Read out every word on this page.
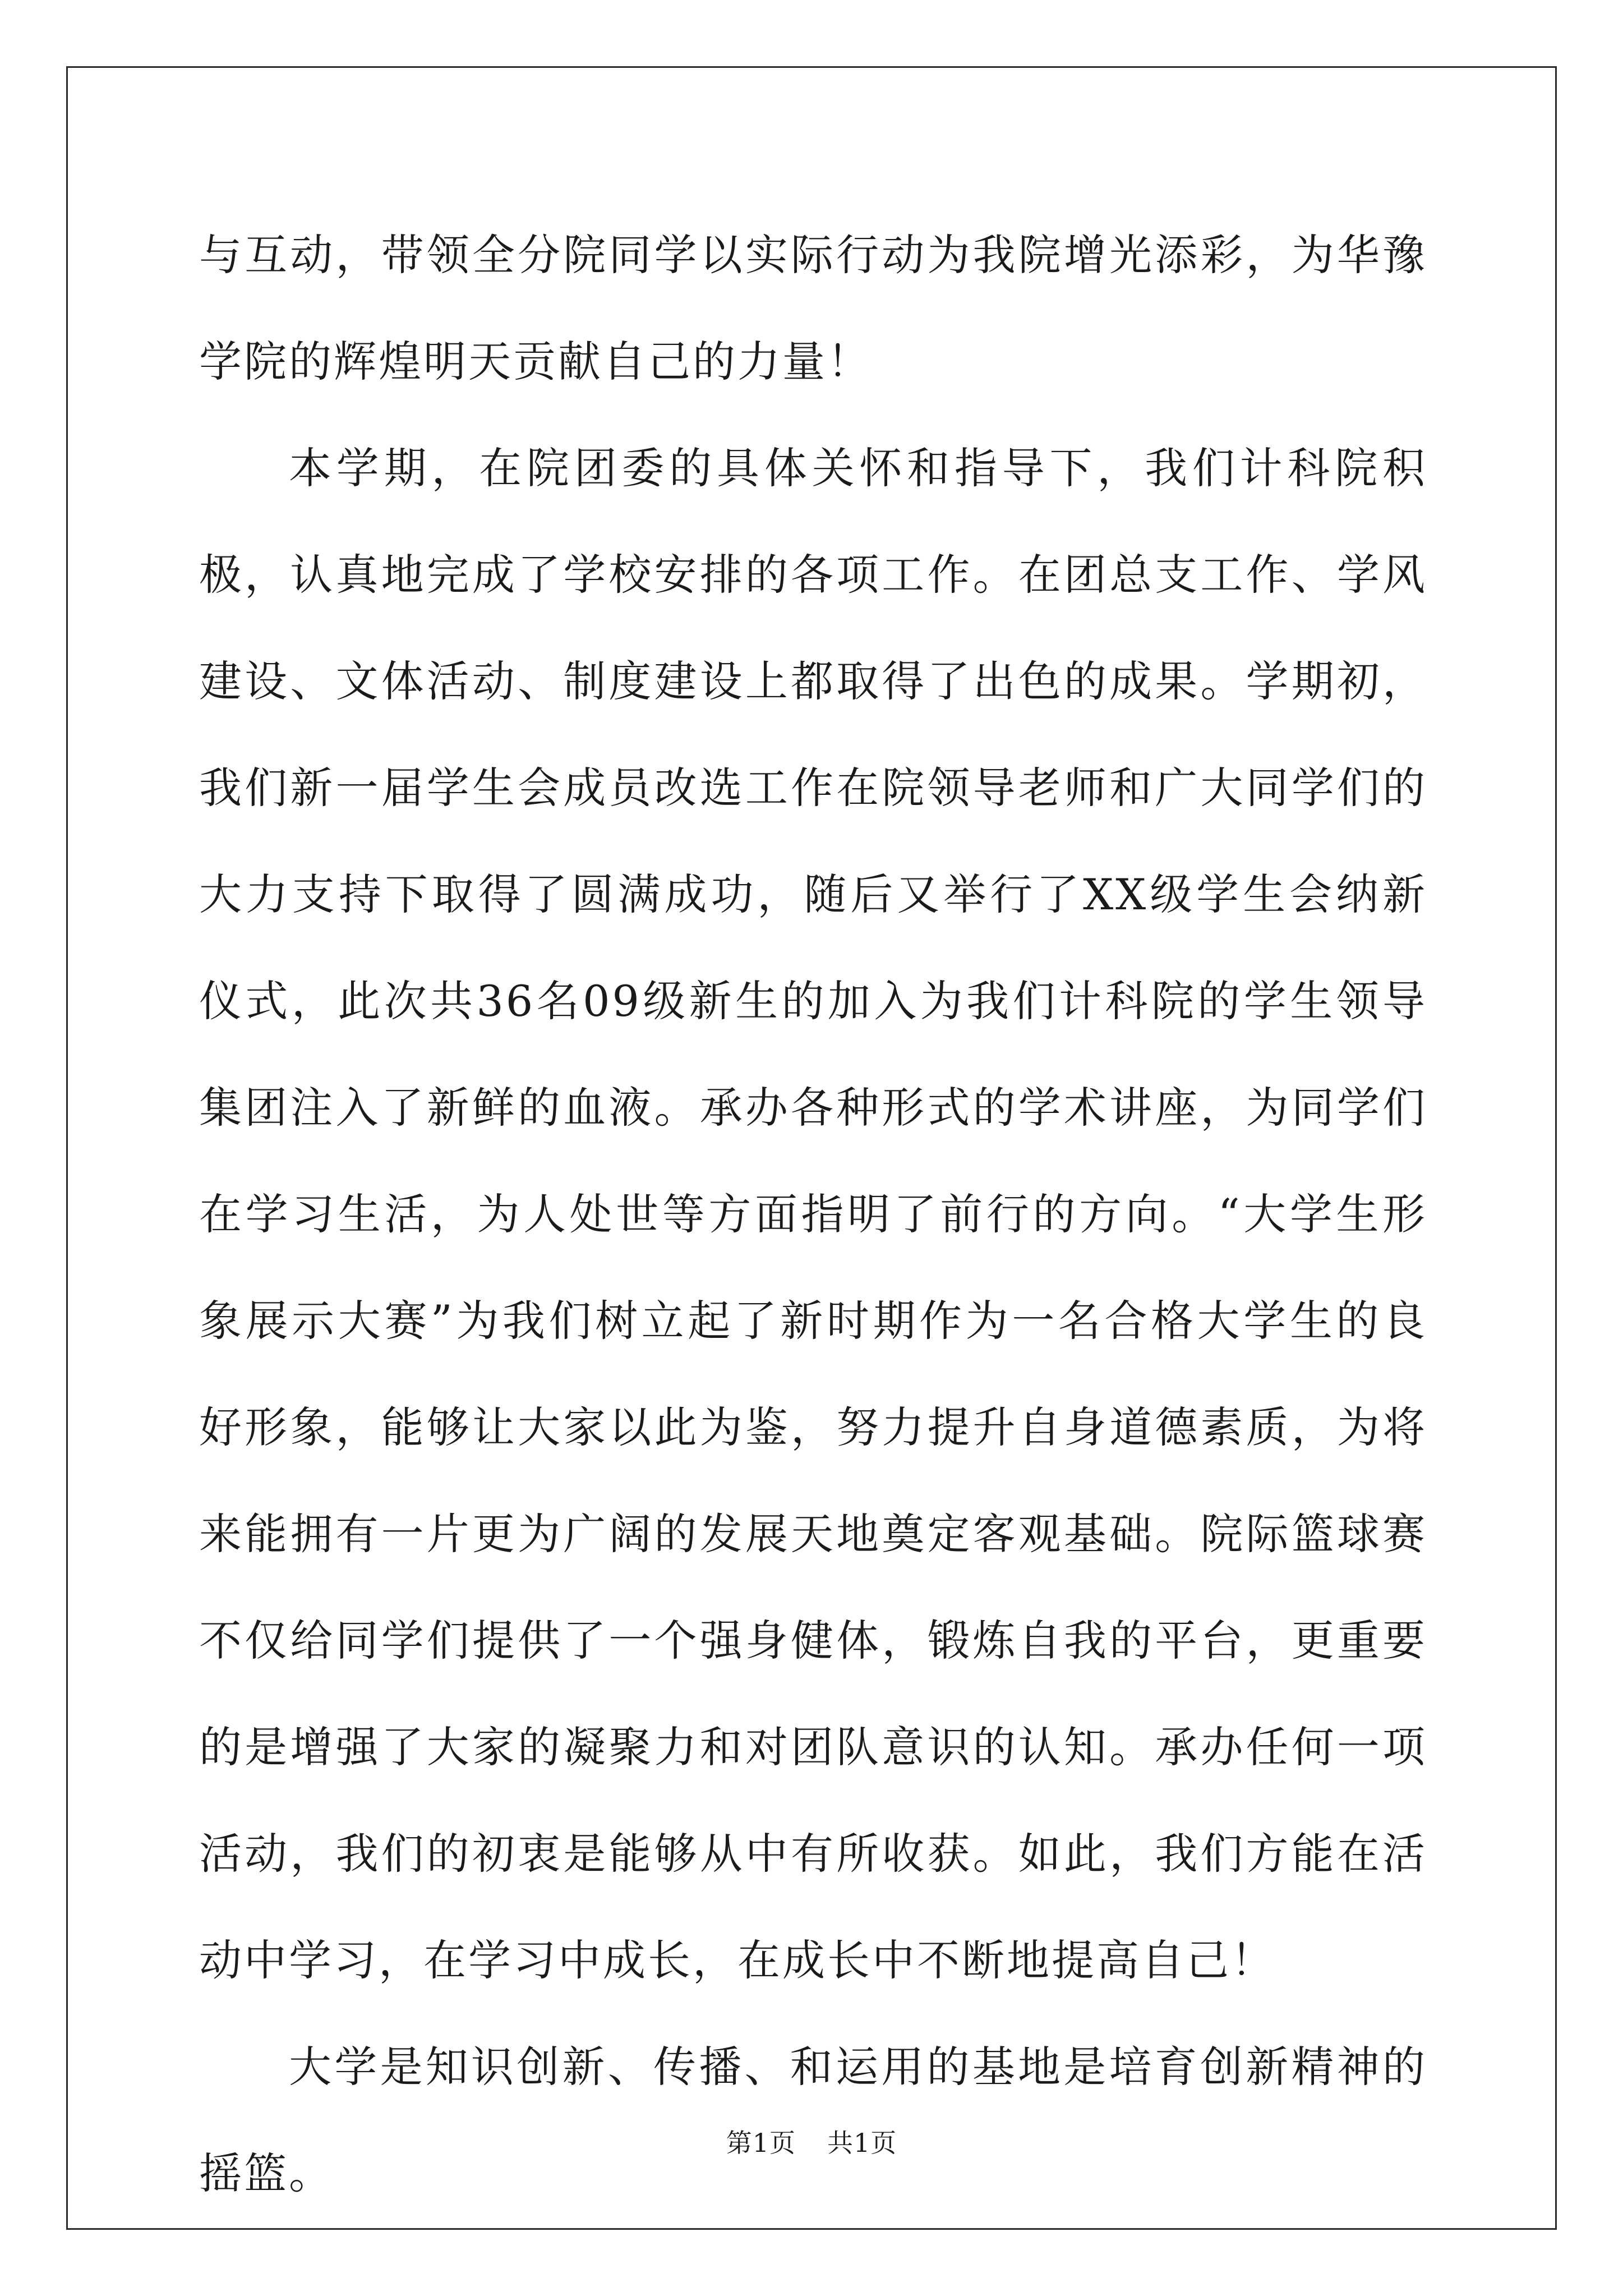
与互动，带领全分院同学以实际行动为我院增光添彩，为华豫学院的辉煌明天贡献自己的力量！

本学期，在院团委的具体关怀和指导下，我们计科院积极，认真地完成了学校安排的各项工作。在团总支工作、学风建设、文体活动、制度建设上都取得了出色的成果。学期初，我们新一届学生会成员改选工作在院领导老师和广大同学们的大力支持下取得了圆满成功，随后又举行了XX级学生会纳新仪式，此次共36名09级新生的加入为我们计科院的学生领导集团注入了新鲜的血液。承办各种形式的学术讲座，为同学们在学习生活，为人处世等方面指明了前行的方向。“大学生形象展示大赛”为我们树立起了新时期作为一名合格大学生的良好形象，能够让大家以此为鉴，努力提升自身道德素质，为将来能拥有一片更为广阔的发展天地奠定客观基础。院际篮球赛不仅给同学们提供了一个强身健体，锻炼自我的平台，更重要的是增强了大家的凝聚力和对团队意识的认知。承办任何一项活动，我们的初衷是能够从中有所收获。如此，我们方能在活动中学习，在学习中成长，在成长中不断地提高自己！

大学是知识创新、传播、和运用的基地是培育创新精神的摇篮。

第1页 共1页
